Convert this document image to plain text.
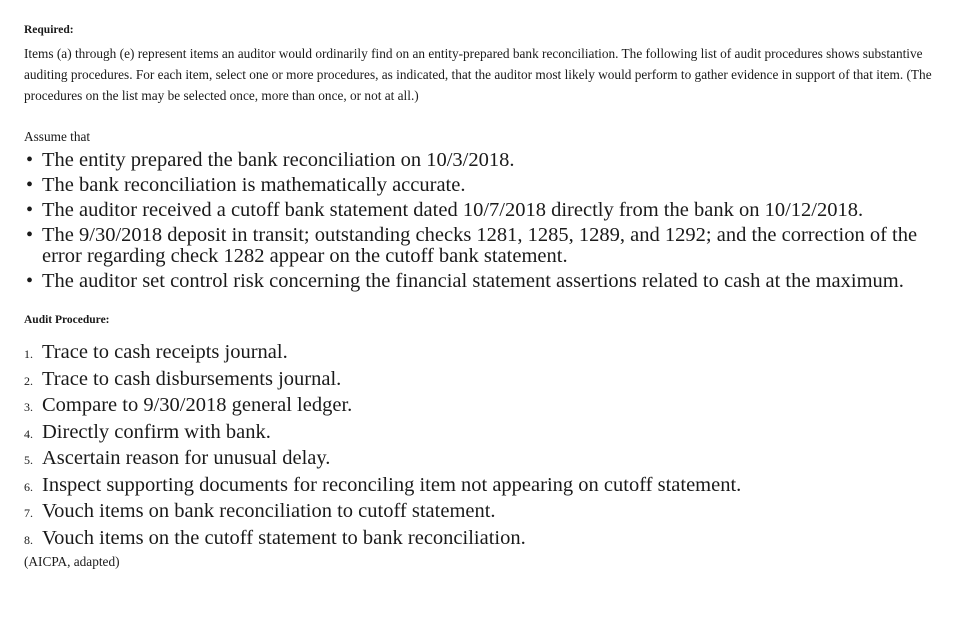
Required:

Items (a) through (e) represent items an auditor would ordinarily find on an entity-prepared bank reconciliation. The following list of audit procedures shows substantive auditing procedures. For each item, select one or more procedures, as indicated, that the auditor most likely would perform to gather evidence in support of that item. (The procedures on the list may be selected once, more than once, or not at all.)

Assume that

• The entity prepared the bank reconciliation on 10/3/2018.
• The bank reconciliation is mathematically accurate.
• The auditor received a cutoff bank statement dated 10/7/2018 directly from the bank on 10/12/2018.
• The 9/30/2018 deposit in transit; outstanding checks 1281, 1285, 1289, and 1292; and the correction of the error regarding check 1282 appear on the cutoff bank statement.
• The auditor set control risk concerning the financial statement assertions related to cash at the maximum.

Audit Procedure:

1. Trace to cash receipts journal.
2. Trace to cash disbursements journal.
3. Compare to 9/30/2018 general ledger.
4. Directly confirm with bank.
5. Ascertain reason for unusual delay.
6. Inspect supporting documents for reconciling item not appearing on cutoff statement.
7. Vouch items on bank reconciliation to cutoff statement.
8. Vouch items on the cutoff statement to bank reconciliation.

(AICPA, adapted)
